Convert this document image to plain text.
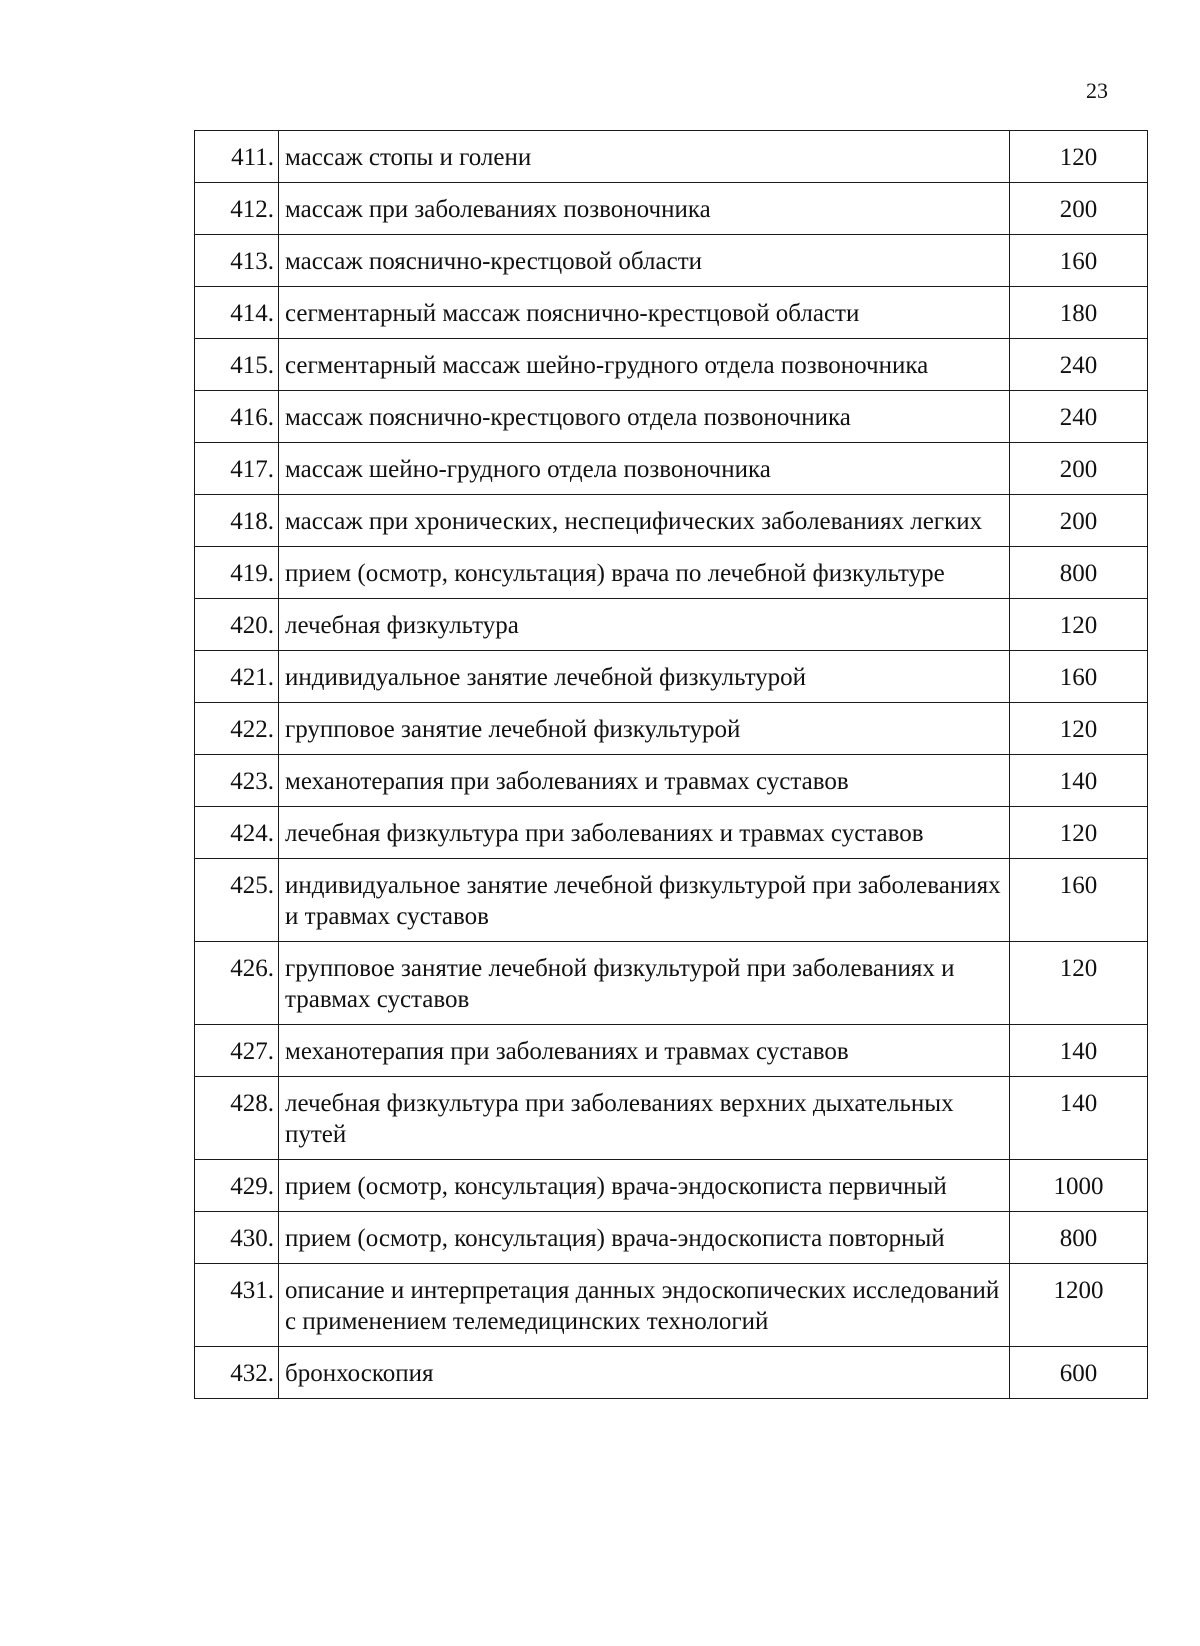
23
411.	массаж стопы и голени	120
412.	массаж при заболеваниях позвоночника	200
413.	массаж пояснично-крестцовой области	160
414.	сегментарный массаж пояснично-крестцовой области	180
415.	сегментарный массаж шейно-грудного отдела позвоночника	240
416.	массаж пояснично-крестцового отдела позвоночника	240
417.	массаж шейно-грудного отдела позвоночника	200
418.	массаж при хронических, неспецифических заболеваниях легких	200
419.	прием (осмотр, консультация) врача по лечебной физкультуре	800
420.	лечебная физкультура	120
421.	индивидуальное занятие лечебной физкультурой	160
422.	групповое занятие лечебной физкультурой	120
423.	механотерапия при заболеваниях и травмах суставов	140
424.	лечебная физкультура при заболеваниях и травмах суставов	120
425.	индивидуальное занятие лечебной физкультурой при заболеваниях и травмах суставов	160
426.	групповое занятие лечебной физкультурой при заболеваниях и травмах суставов	120
427.	механотерапия при заболеваниях и травмах суставов	140
428.	лечебная физкультура при заболеваниях верхних дыхательных путей	140
429.	прием (осмотр, консультация) врача-эндоскописта первичный	1000
430.	прием (осмотр, консультация) врача-эндоскописта повторный	800
431.	описание и интерпретация данных эндоскопических исследований с применением телемедицинских технологий	1200
432.	бронхоскопия	600
